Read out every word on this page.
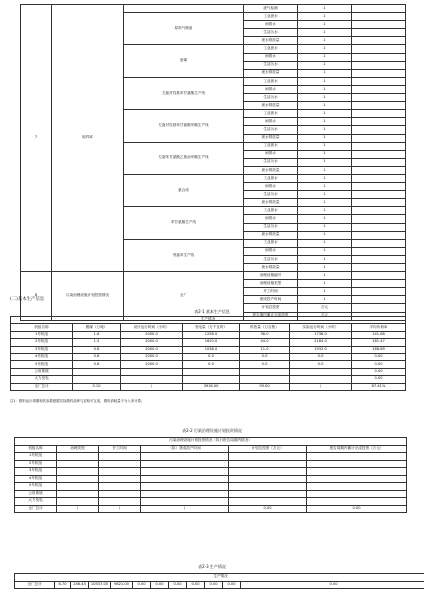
7	取样率		废气检测	1	
		原料气制备	工业废水	1	
			雨排水	1	
			生活污水	1	
			废水排放量	1	
		备煤	工业废水	1	
			雨排水	1	
			生活污水	1	
			废水排放量	1	
		左旋对羟基苯甘氨酸生产线	工业废水	1	
			雨排水	1	
			生活污水	1	
			废水排放量	1	
		左旋对羟基苯甘氨酸甲酯生产线	工业废水	1	
			雨排水	1	
			生活污水	1	
			废水排放量	1	
		左旋苯甘氨酸乙基卤甲酯生产线	工业废水	1	
			雨排水	1	
			生活污水	1	
			废水排放量	1	
		氨合成	工业废水	1	
			雨排水	1	
			生活污水	1	
			废水排放量	1	
		苯甘氨酸生产线	工业废水	1	
			雨排水	1	
			生活污水	1	
			废水排放量	1	
		邻氯苯生产线	工业废水	1	
			雨排水	1	
			生活污水	1	
			废水排放量	1	
8	污染治理设施计划投资情况	全厂	治理设施编号	1	
			治理设施类型	1	
			开工时间	1	
			建成投产时间	1	
			计划总投资	万元	
			报告期内累计完成投资	万元	
(二)基本生产信息
表2-1 基本生产信息
生产情况						
机组名称	燃煤（万吨）	设计运行时间（小时）	发电量（万千瓦时）	供热量（万吉焦）	实际运行时间（小时）	平均负荷率
1号机组	1.8	2000.0	1258.0	36.0	1736.0	141.68
2号机组	1.5	2000.0	1620.0	44.0	2184.0	161.47
3号机组	0.8	2000.0	1038.0	11.0	1932.0	168.69
4号机组	0.8	2000.0	0.0	0.0	0.0	0.00
5号机组	0.8	2000.0	0.0	0.0	0.0	0.00
公用系统						0.00
大力发电						0.00
全厂总计	5.10	/	3916.00	93.00	/	67.41%
注1：燃料运行周期和其参数根据实际燃料品种与容积可互改，燃料消耗量不为入来计算。
表2-2 污染治理设施计划投资情况
污染治理设施计划投资情况（执行报告周期内情况）					
机组名称	治理类型	开工时间	（拟）建成投产时间	计划总投资（万元）	报告周期内累计完成投资（万元）
1号机组					
2号机组					
3号机组					
4号机组					
5号机组					
公用系统					
大力发电					
全厂总计	/	/	/	0.00	0.00
表2-3 生产情况
生产情况
全厂总计	6.70	246.43	10537.00	9821.00	0.00	0.00	0.00	0.00	0.00	0.00	0.00
